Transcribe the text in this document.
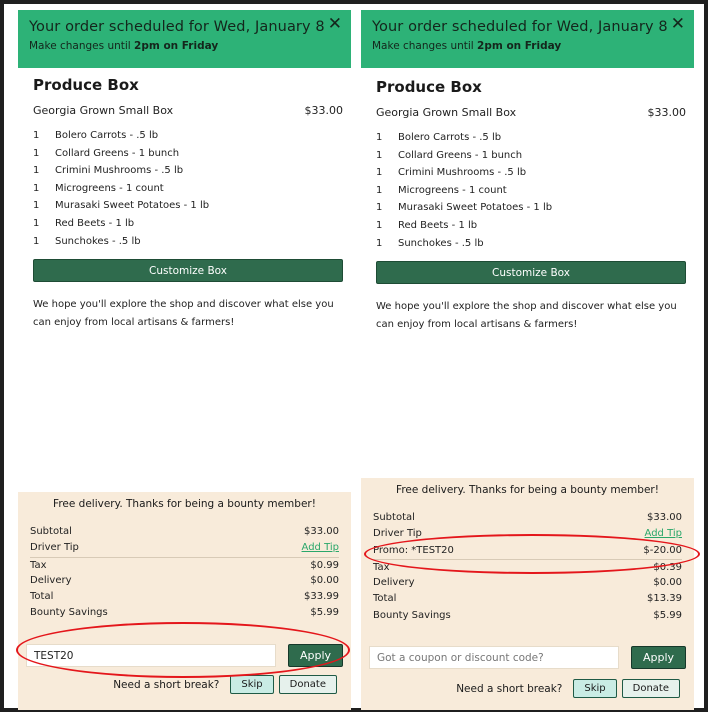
Your order scheduled for Wed, January 8
Make changes until 2pm on Friday
✕
Produce Box
Georgia Grown Small Box	$33.00
1	Bolero Carrots - .5 lb
1	Collard Greens - 1 bunch
1	Crimini Mushrooms - .5 lb
1	Microgreens - 1 count
1	Murasaki Sweet Potatoes - 1 lb
1	Red Beets - 1 lb
1	Sunchokes - .5 lb
Customize Box
We hope you'll explore the shop and discover what else you can enjoy from local artisans & farmers!
Free delivery. Thanks for being a bounty member!
Subtotal	$33.00
Driver Tip	Add Tip
Tax	$0.99
Delivery	$0.00
Total	$33.99
Bounty Savings	$5.99
TEST20
Apply
Need a short break?	Skip	Donate
Your order scheduled for Wed, January 8
Make changes until 2pm on Friday
✕
Produce Box
Georgia Grown Small Box	$33.00
1	Bolero Carrots - .5 lb
1	Collard Greens - 1 bunch
1	Crimini Mushrooms - .5 lb
1	Microgreens - 1 count
1	Murasaki Sweet Potatoes - 1 lb
1	Red Beets - 1 lb
1	Sunchokes - .5 lb
Customize Box
We hope you'll explore the shop and discover what else you can enjoy from local artisans & farmers!
Free delivery. Thanks for being a bounty member!
Subtotal	$33.00
Driver Tip	Add Tip
Promo: *TEST20	$-20.00
Tax	$0.39
Delivery	$0.00
Total	$13.39
Bounty Savings	$5.99
Got a coupon or discount code?
Apply
Need a short break?	Skip	Donate
